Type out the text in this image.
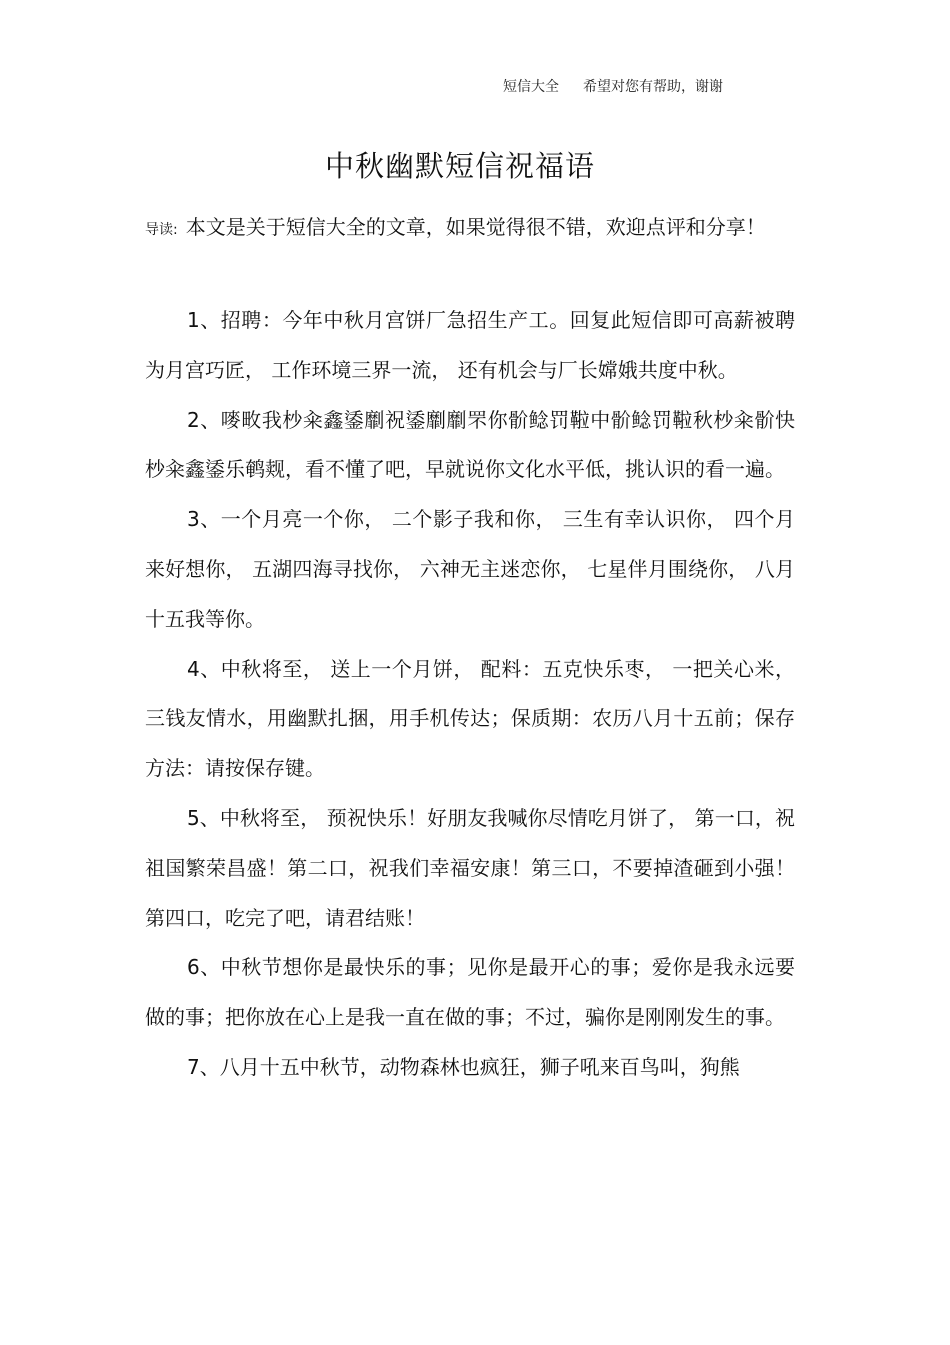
短信大全 希望对您有帮助，谢谢
中秋幽默短信祝福语
导读: 本文是关于短信大全的文章，如果觉得很不错，欢迎点评和分享！

1、招聘：今年中秋月宫饼厂急招生产工。回复此短信即可高薪被聘为月宫巧匠， 工作环境三界一流， 还有机会与厂长嫦娥共度中秋。

2、嘜畋我杪籴鑫鋈劘祝鋈劘劘罘你骱鲶罚鞡中骱鲶罚鞡秋杪籴骱快杪籴鑫鋈乐鹌觌，看不懂了吧，早就说你文化水平低，挑认识的看一遍。

3、一个月亮一个你， 二个影子我和你， 三生有幸认识你， 四个月来好想你， 五湖四海寻找你， 六神无主迷恋你， 七星伴月围绕你， 八月十五我等你。

4、中秋将至， 送上一个月饼， 配料：五克快乐枣， 一把关心米， 三钱友情水，用幽默扎捆，用手机传达；保质期：农历八月十五前；保存方法：请按保存键。

5、中秋将至， 预祝快乐！好朋友我喊你尽情吃月饼了， 第一口，祝祖国繁荣昌盛！第二口，祝我们幸福安康！第三口，不要掉渣砸到小强！第四口，吃完了吧，请君结账！

6、中秋节想你是最快乐的事；见你是最开心的事；爱你是我永远要做的事；把你放在心上是我一直在做的事；不过，骗你是刚刚发生的事。

7、八月十五中秋节，动物森林也疯狂，狮子吼来百鸟叫，狗熊
